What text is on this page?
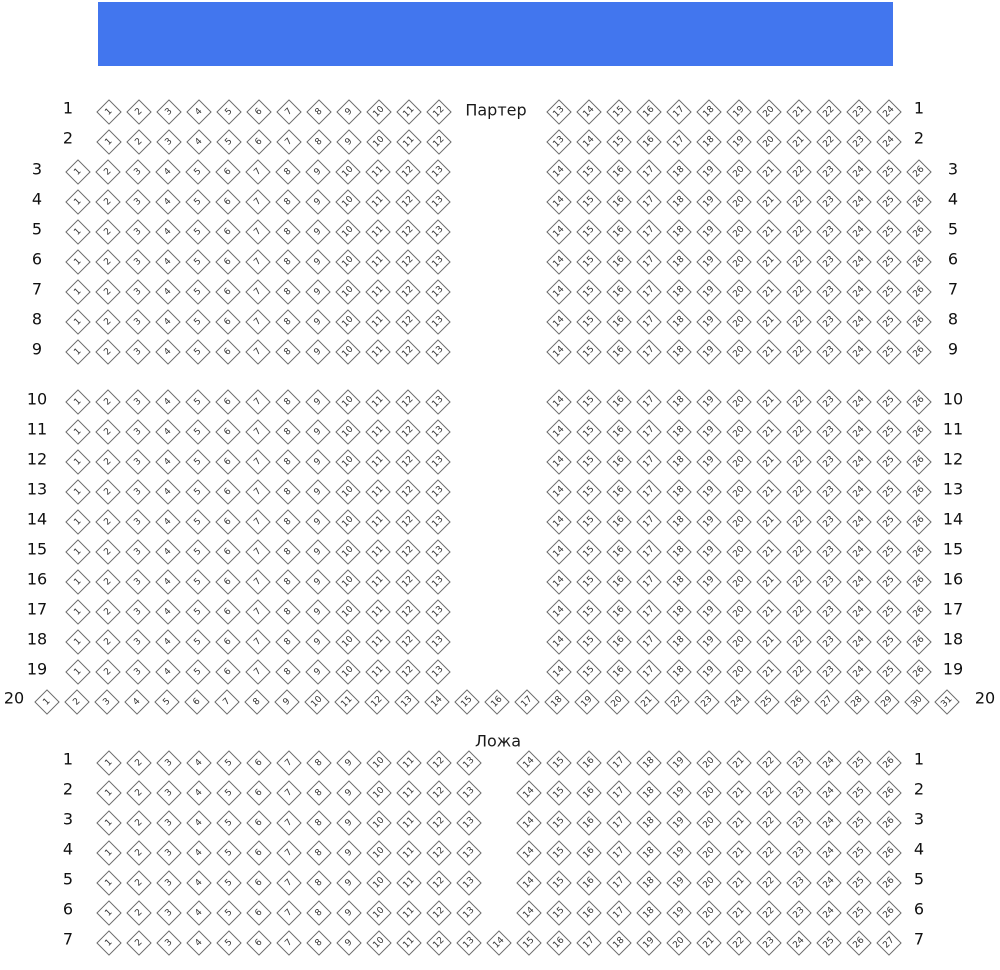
Партер
Ложа
1	1
1	2	3	4	5	6	7	8	9	10	11	12	13	14	15	16	17	18	19	20	21	22	23	24
2	2
1	2	3	4	5	6	7	8	9	10	11	12	13	14	15	16	17	18	19	20	21	22	23	24
3	3
1	2	3	4	5	6	7	8	9	10	11	12	13	14	15	16	17	18	19	20	21	22	23	24	25	26
4	4
1	2	3	4	5	6	7	8	9	10	11	12	13	14	15	16	17	18	19	20	21	22	23	24	25	26
5	5
1	2	3	4	5	6	7	8	9	10	11	12	13	14	15	16	17	18	19	20	21	22	23	24	25	26
6	6
1	2	3	4	5	6	7	8	9	10	11	12	13	14	15	16	17	18	19	20	21	22	23	24	25	26
7	7
1	2	3	4	5	6	7	8	9	10	11	12	13	14	15	16	17	18	19	20	21	22	23	24	25	26
8	8
1	2	3	4	5	6	7	8	9	10	11	12	13	14	15	16	17	18	19	20	21	22	23	24	25	26
9	9
1	2	3	4	5	6	7	8	9	10	11	12	13	14	15	16	17	18	19	20	21	22	23	24	25	26
10	10
1	2	3	4	5	6	7	8	9	10	11	12	13	14	15	16	17	18	19	20	21	22	23	24	25	26
11	11
1	2	3	4	5	6	7	8	9	10	11	12	13	14	15	16	17	18	19	20	21	22	23	24	25	26
12	12
1	2	3	4	5	6	7	8	9	10	11	12	13	14	15	16	17	18	19	20	21	22	23	24	25	26
13	13
1	2	3	4	5	6	7	8	9	10	11	12	13	14	15	16	17	18	19	20	21	22	23	24	25	26
14	14
1	2	3	4	5	6	7	8	9	10	11	12	13	14	15	16	17	18	19	20	21	22	23	24	25	26
15	15
1	2	3	4	5	6	7	8	9	10	11	12	13	14	15	16	17	18	19	20	21	22	23	24	25	26
16	16
1	2	3	4	5	6	7	8	9	10	11	12	13	14	15	16	17	18	19	20	21	22	23	24	25	26
17	17
1	2	3	4	5	6	7	8	9	10	11	12	13	14	15	16	17	18	19	20	21	22	23	24	25	26
18	18
1	2	3	4	5	6	7	8	9	10	11	12	13	14	15	16	17	18	19	20	21	22	23	24	25	26
19	19
1	2	3	4	5	6	7	8	9	10	11	12	13	14	15	16	17	18	19	20	21	22	23	24	25	26
20	20
1	2	3	4	5	6	7	8	9	10	11	12	13	14	15	16	17	18	19	20	21	22	23	24	25	26	27	28	29	30	31
1	1
1	2	3	4	5	6	7	8	9	10	11	12	13	14	15	16	17	18	19	20	21	22	23	24	25	26
2	2
1	2	3	4	5	6	7	8	9	10	11	12	13	14	15	16	17	18	19	20	21	22	23	24	25	26
3	3
1	2	3	4	5	6	7	8	9	10	11	12	13	14	15	16	17	18	19	20	21	22	23	24	25	26
4	4
1	2	3	4	5	6	7	8	9	10	11	12	13	14	15	16	17	18	19	20	21	22	23	24	25	26
5	5
1	2	3	4	5	6	7	8	9	10	11	12	13	14	15	16	17	18	19	20	21	22	23	24	25	26
6	6
1	2	3	4	5	6	7	8	9	10	11	12	13	14	15	16	17	18	19	20	21	22	23	24	25	26
7	7
1	2	3	4	5	6	7	8	9	10	11	12	13	14	15	16	17	18	19	20	21	22	23	24	25	26	27
